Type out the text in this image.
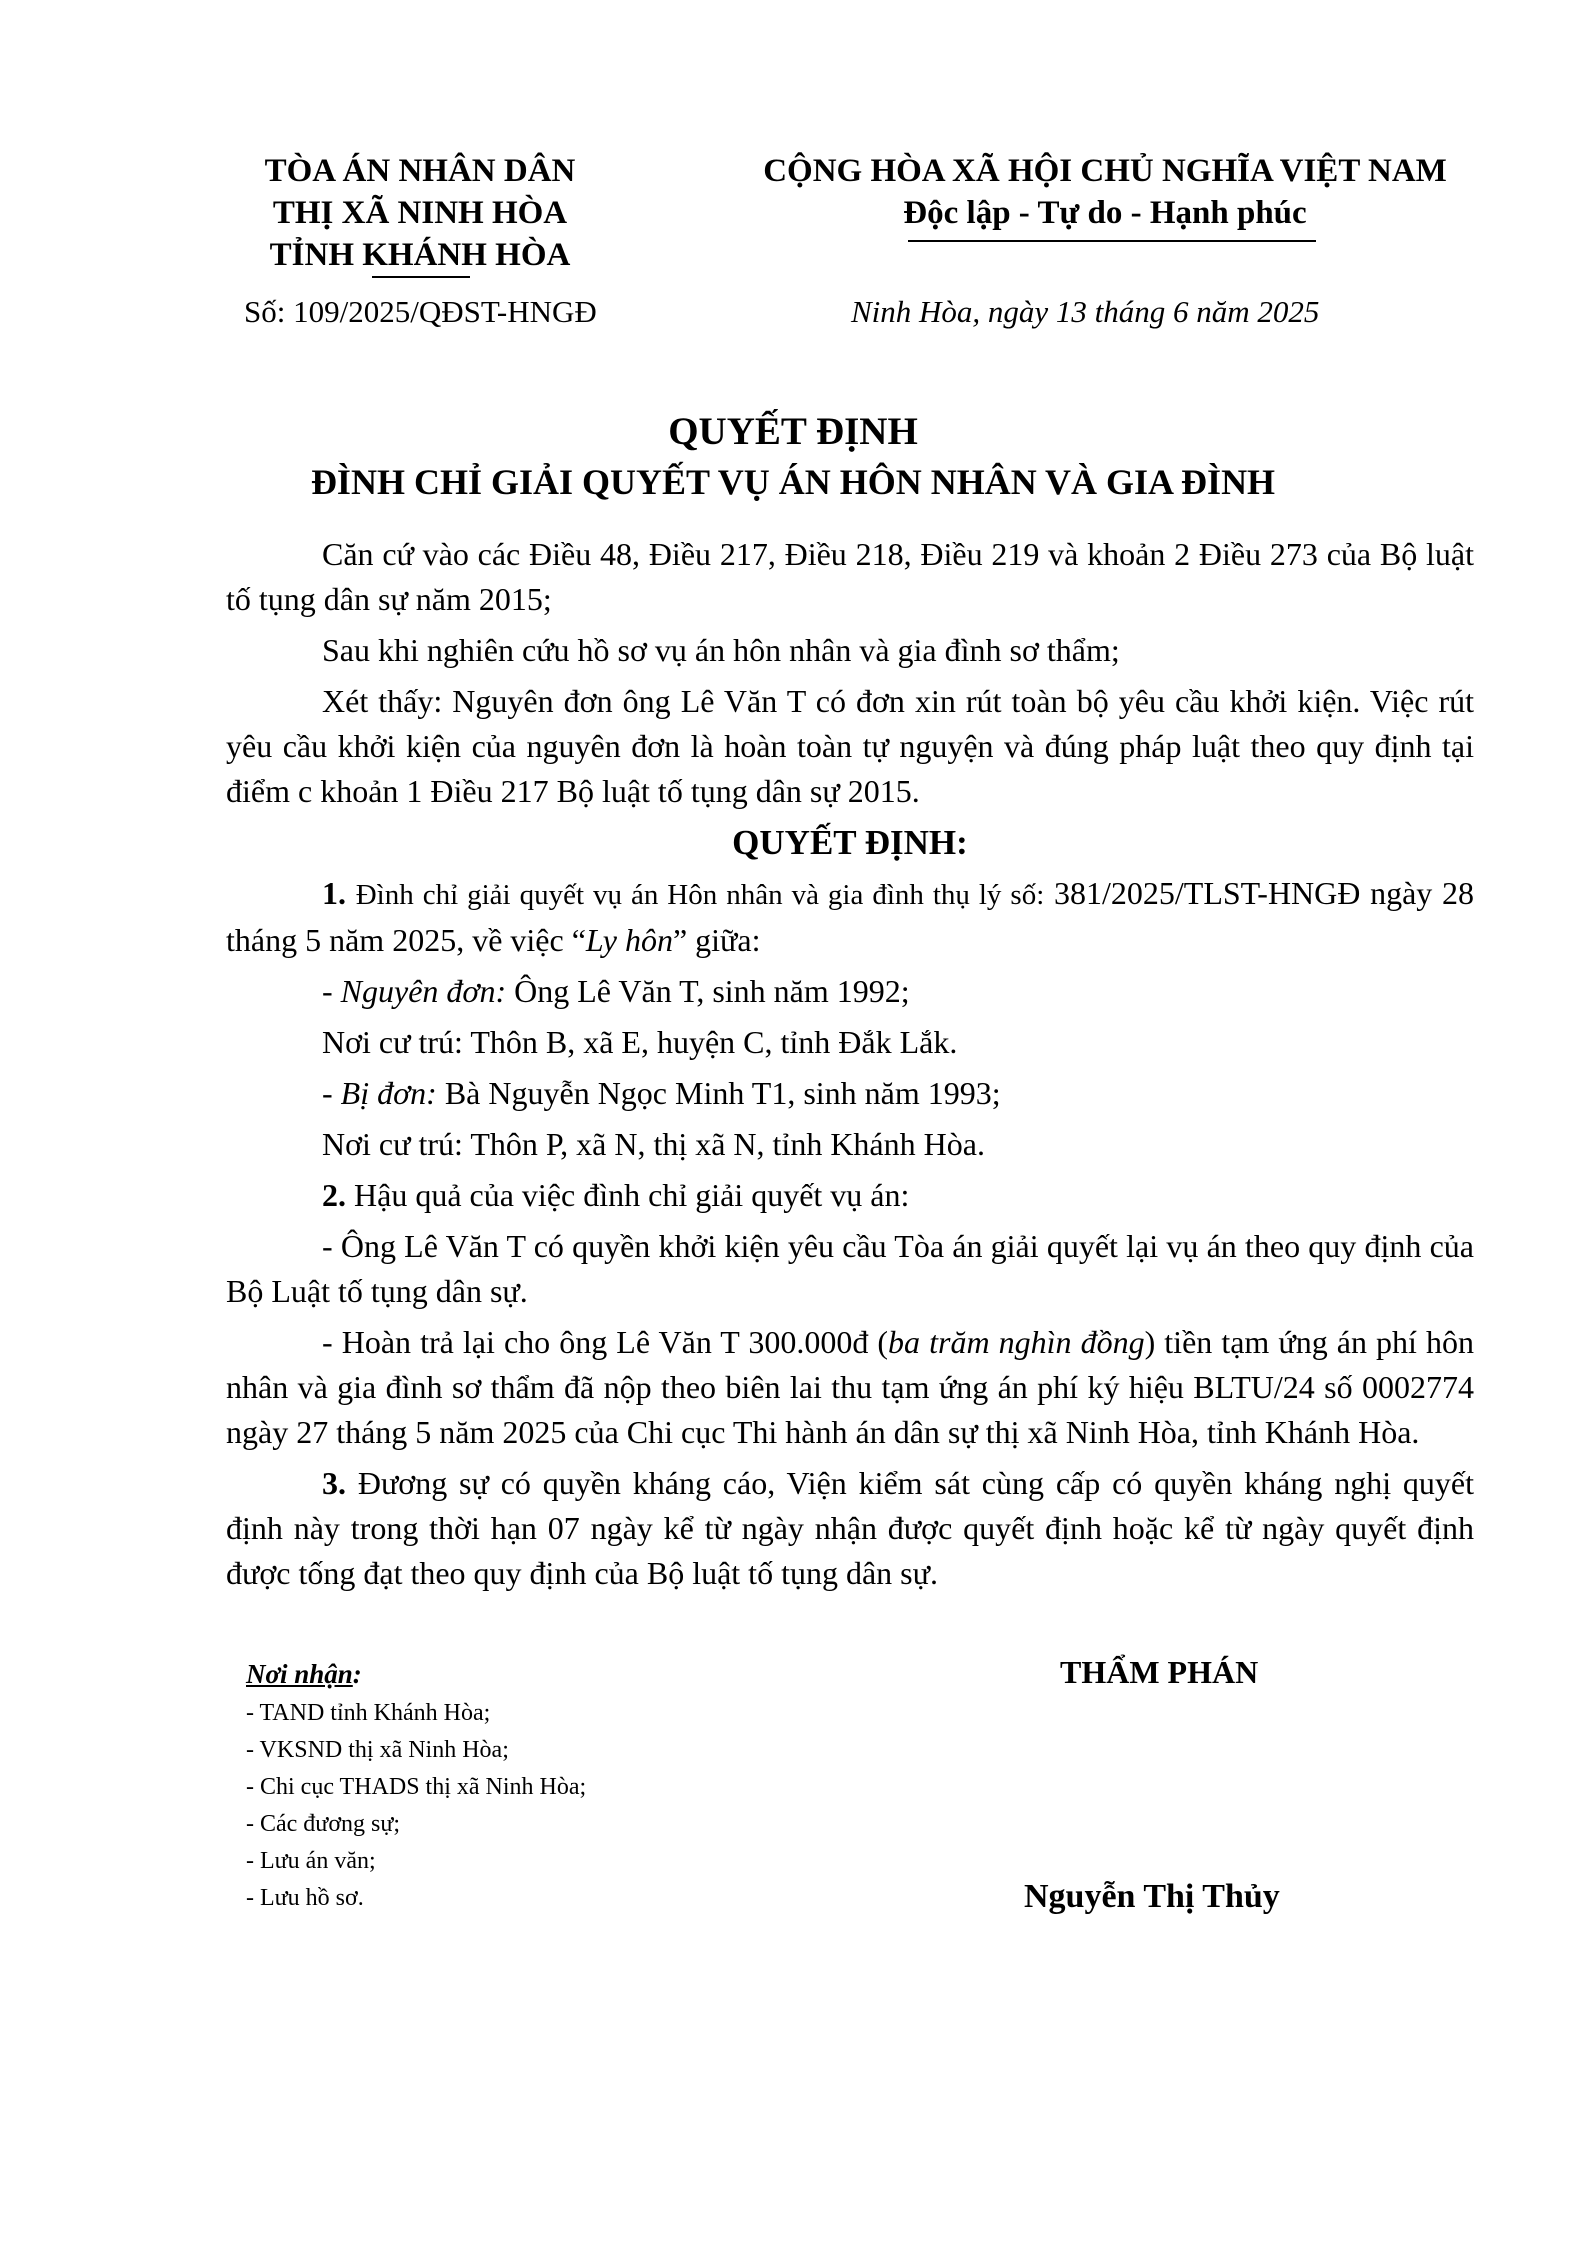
TÒA ÁN NHÂN DÂN
THỊ XÃ NINH HÒA
TỈNH KHÁNH HÒA
CỘNG HÒA XÃ HỘI CHỦ NGHĨA VIỆT NAM
Độc lập - Tự do - Hạnh phúc
Số: 109/2025/QĐST-HNGĐ	Ninh Hòa, ngày 13 tháng 6 năm 2025
QUYẾT ĐỊNH
ĐÌNH CHỈ GIẢI QUYẾT VỤ ÁN HÔN NHÂN VÀ GIA ĐÌNH

Căn cứ vào các Điều 48, Điều 217, Điều 218, Điều 219 và khoản 2 Điều 273 của Bộ luật tố tụng dân sự năm 2015;

Sau khi nghiên cứu hồ sơ vụ án hôn nhân và gia đình sơ thẩm;

Xét thấy: Nguyên đơn ông Lê Văn T có đơn xin rút toàn bộ yêu cầu khởi kiện. Việc rút yêu cầu khởi kiện của nguyên đơn là hoàn toàn tự nguyện và đúng pháp luật theo quy định tại điểm c khoản 1 Điều 217 Bộ luật tố tụng dân sự 2015.

QUYẾT ĐỊNH:

1. Đình chỉ giải quyết vụ án Hôn nhân và gia đình thụ lý số: 381/2025/TLST-HNGĐ ngày 28 tháng 5 năm 2025, về việc “Ly hôn” giữa:

- Nguyên đơn: Ông Lê Văn T, sinh năm 1992;

Nơi cư trú: Thôn B, xã E, huyện C, tỉnh Đắk Lắk.

- Bị đơn: Bà Nguyễn Ngọc Minh T1, sinh năm 1993;

Nơi cư trú: Thôn P, xã N, thị xã N, tỉnh Khánh Hòa.

2. Hậu quả của việc đình chỉ giải quyết vụ án:

- Ông Lê Văn T có quyền khởi kiện yêu cầu Tòa án giải quyết lại vụ án theo quy định của Bộ Luật tố tụng dân sự.

- Hoàn trả lại cho ông Lê Văn T 300.000đ (ba trăm nghìn đồng) tiền tạm ứng án phí hôn nhân và gia đình sơ thẩm đã nộp theo biên lai thu tạm ứng án phí ký hiệu BLTU/24 số 0002774 ngày 27 tháng 5 năm 2025 của Chi cục Thi hành án dân sự thị xã Ninh Hòa, tỉnh Khánh Hòa.

3. Đương sự có quyền kháng cáo, Viện kiểm sát cùng cấp có quyền kháng nghị quyết định này trong thời hạn 07 ngày kể từ ngày nhận được quyết định hoặc kể từ ngày quyết định được tống đạt theo quy định của Bộ luật tố tụng dân sự.

Nơi nhận:
- TAND tỉnh Khánh Hòa;
- VKSND thị xã Ninh Hòa;
- Chi cục THADS thị xã Ninh Hòa;
- Các đương sự;
- Lưu án văn;
- Lưu hồ sơ.
THẨM PHÁN
Nguyễn Thị Thủy
